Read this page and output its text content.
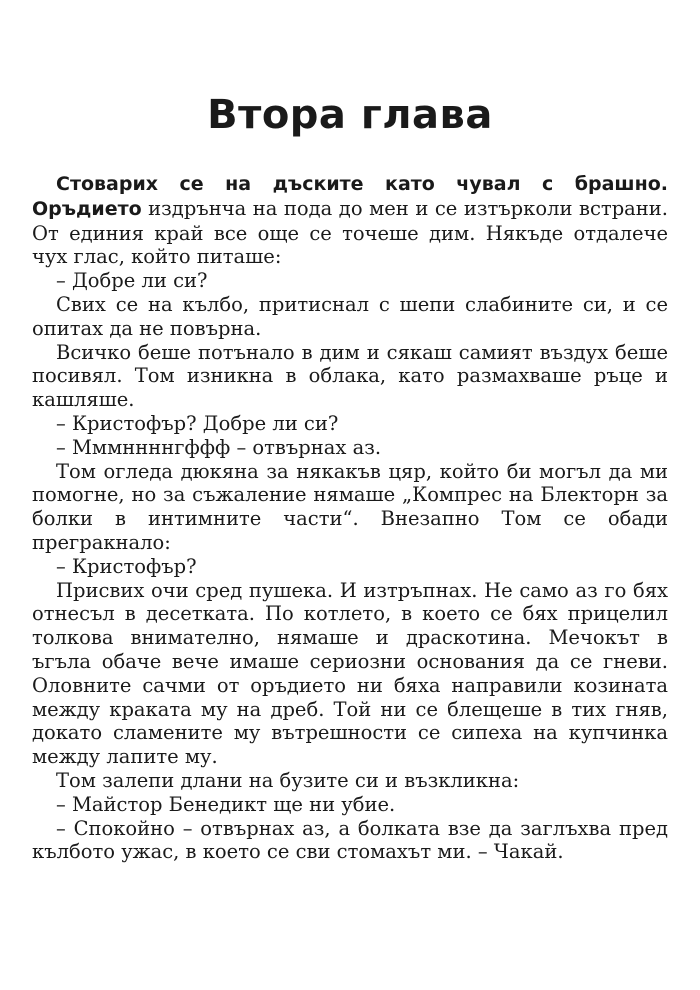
Втора глава

Стоварих се на дъските като чувал с брашно. Оръдието издрънча на пода до мен и се изтърколи встрани. От единия край все още се точеше дим. Някъде отдалече чух глас, който питаше:

– Добре ли си?

Свих се на кълбо, притиснал с шепи слабините си, и се опитах да не повърна.

Всичко беше потънало в дим и сякаш самият въздух беше посивял. Том изникна в облака, като размахваше ръце и кашляше.

– Кристофър? Добре ли си?

– Мммннннгффф – отвърнах аз.

Том огледа дюкяна за някакъв цяр, който би могъл да ми помогне, но за съжаление нямаше „Компрес на Блекторн за болки в интимните части“. Внезапно Том се обади прегракнало:

– Кристофър?

Присвих очи сред пушека. И изтръпнах. Не само аз го бях отнесъл в десетката. По котлето, в което се бях прицелил толкова внимателно, нямаше и драскотина. Мечокът в ъгъла обаче вече имаше сериозни основания да се гневи. Оловните сачми от оръдието ни бяха направили козината между краката му на дреб. Той ни се блещеше в тих гняв, докато сламените му вътрешности се сипеха на купчинка между лапите му.

Том залепи длани на бузите си и възкликна:

– Майстор Бенедикт ще ни убие.

– Спокойно – отвърнах аз, а болката взе да заглъхва пред кълбото ужас, в което се сви стомахът ми. – Чакай.
